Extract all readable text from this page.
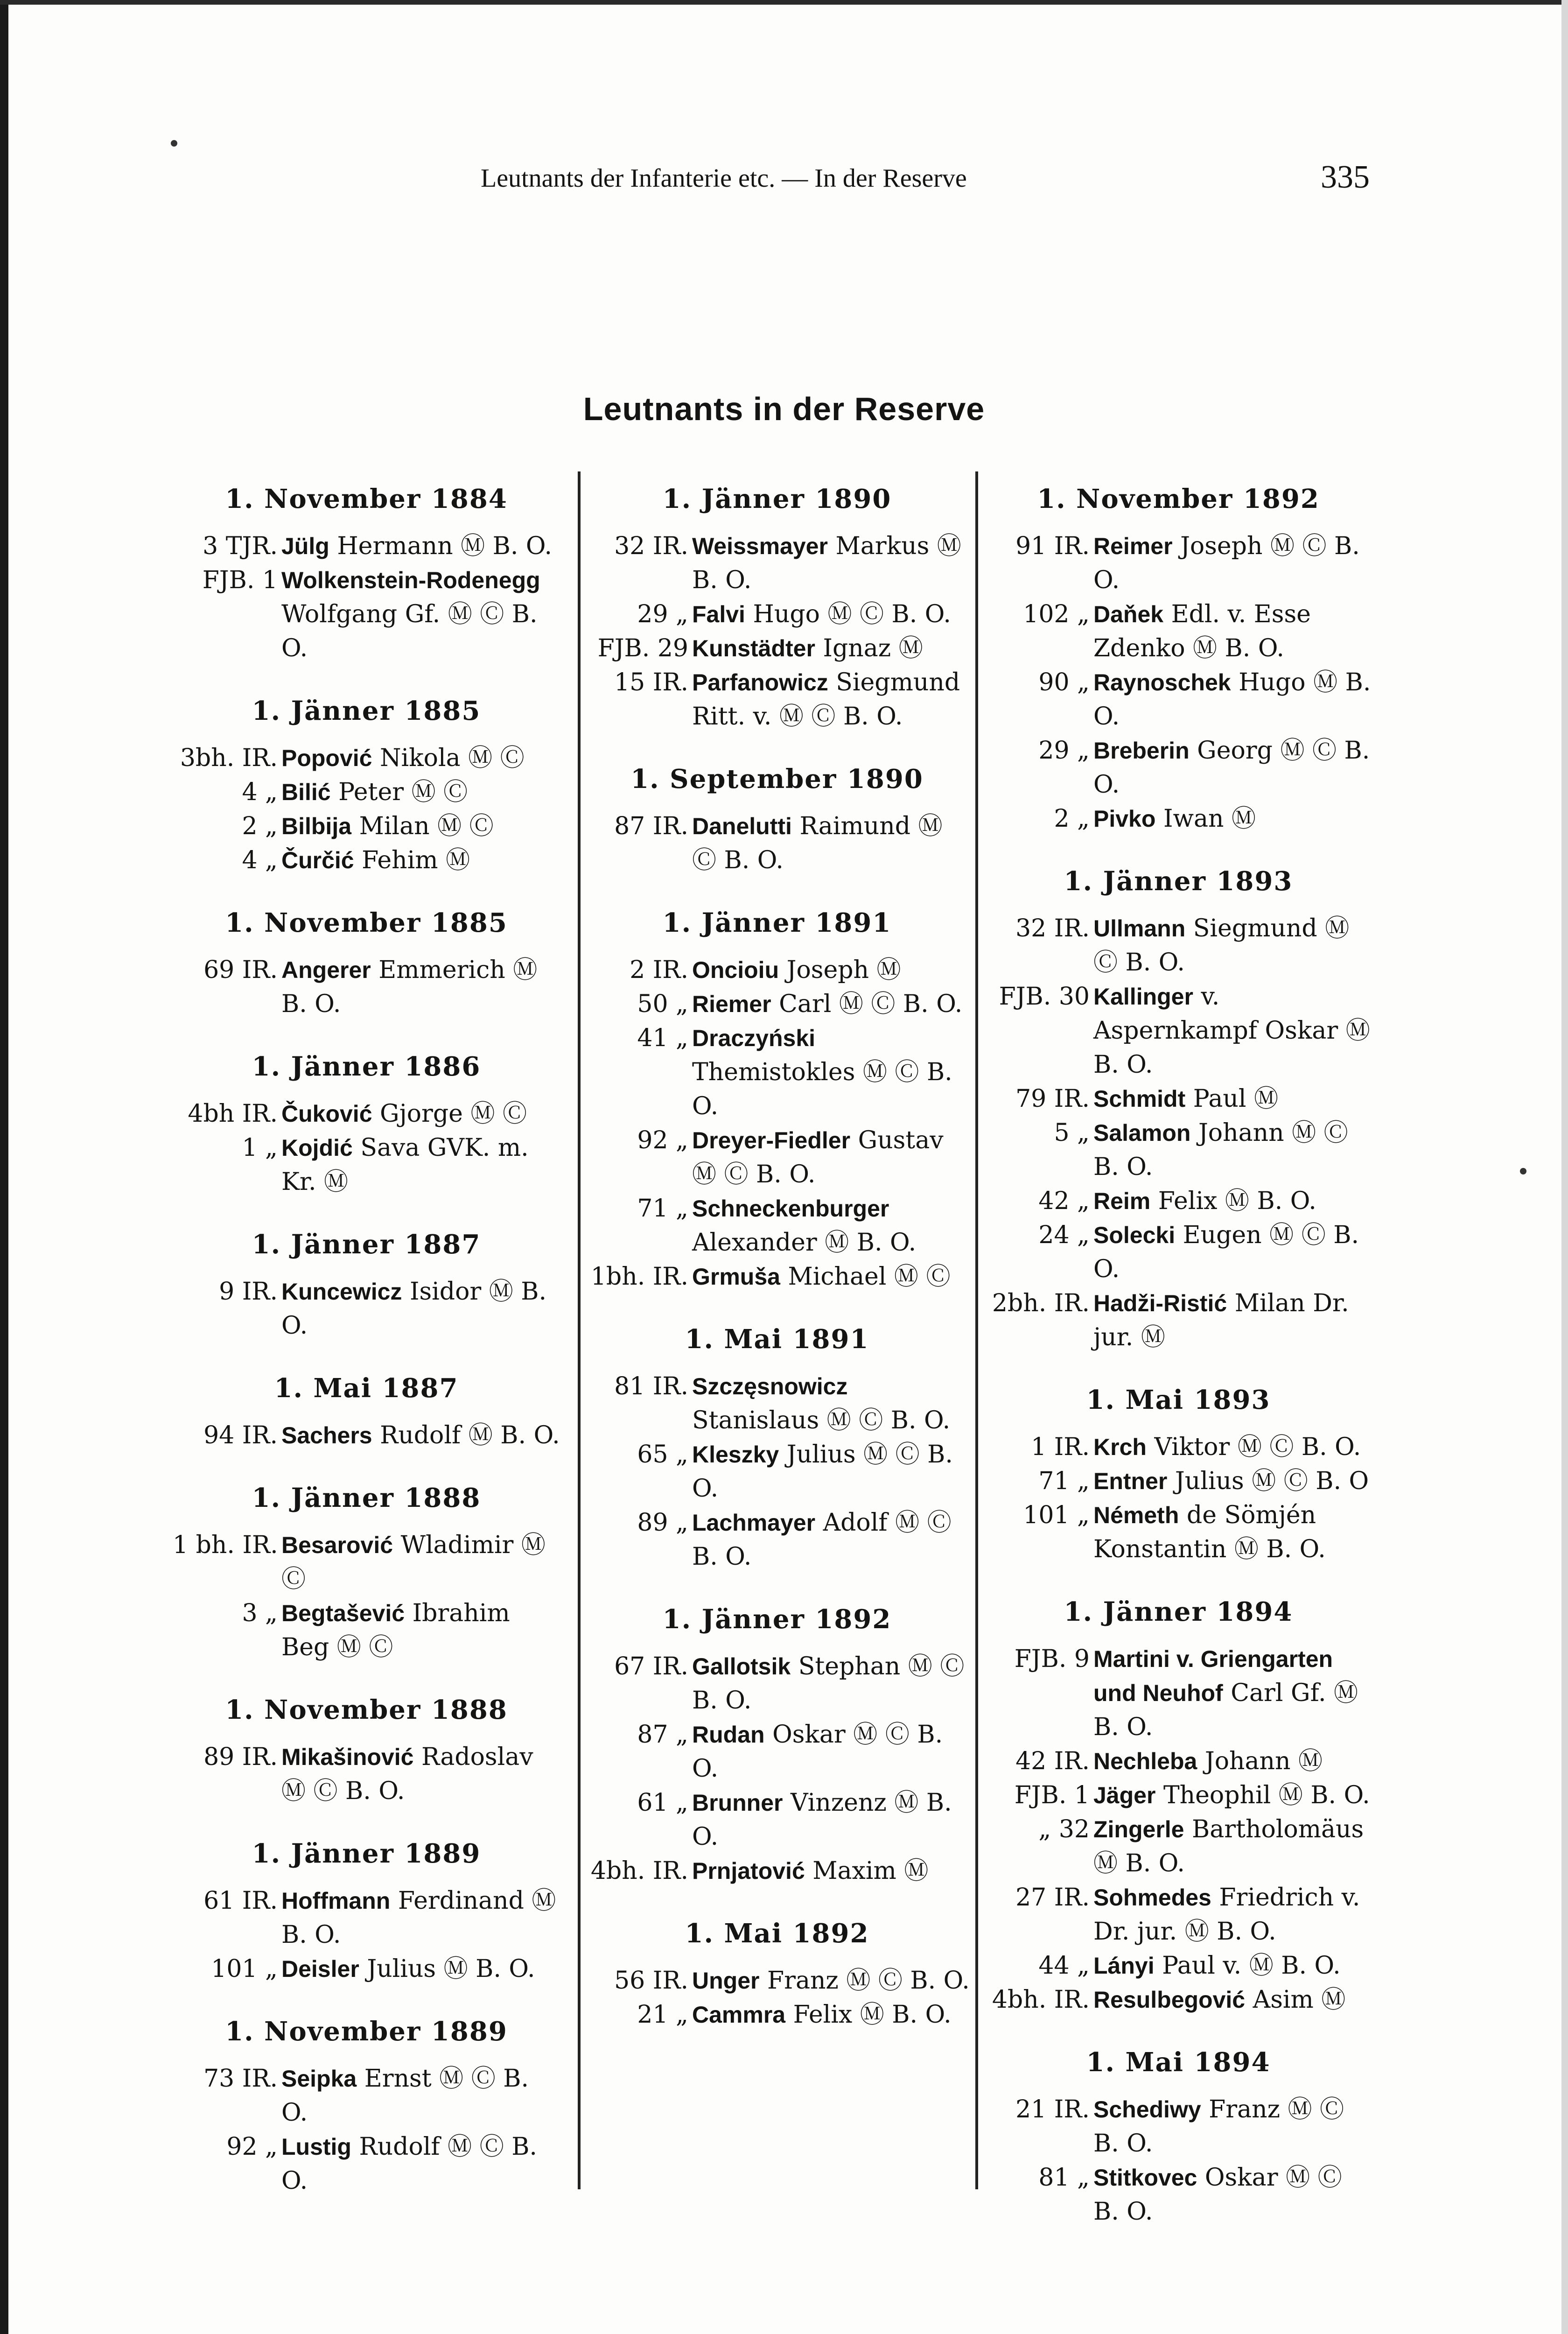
Leutnants der Infanterie etc. — In der Reserve	335
Leutnants in der Reserve
1. November 1884
3 TJR. Jülg Hermann Ⓜ B. O.
FJB. 1 Wolkenstein-Rodenegg Wolfgang Gf. Ⓜ Ⓒ B. O.
1. Jänner 1885
3bh. IR. Popović Nikola Ⓜ Ⓒ
4 „ Bilić Peter Ⓜ Ⓒ
2 „ Bilbija Milan Ⓜ Ⓒ
4 „ Čurčić Fehim Ⓜ
1. November 1885
69 IR. Angerer Emmerich Ⓜ B. O.
1. Jänner 1886
4bh IR. Čuković Gjorge Ⓜ Ⓒ
1 „ Kojdić Sava GVK. m. Kr. Ⓜ
1. Jänner 1887
9 IR. Kuncewicz Isidor Ⓜ B. O.
1. Mai 1887
94 IR. Sachers Rudolf Ⓜ B. O.
1. Jänner 1888
1 bh. IR. Besarović Wladimir Ⓜ Ⓒ
3 „ Begtašević Ibrahim Beg Ⓜ Ⓒ
1. November 1888
89 IR. Mikašinović Radoslav Ⓜ Ⓒ B. O.
1. Jänner 1889
61 IR. Hoffmann Ferdinand Ⓜ B. O.
101 „ Deisler Julius Ⓜ B. O.
1. November 1889
73 IR. Seipka Ernst Ⓜ Ⓒ B. O.
92 „ Lustig Rudolf Ⓜ Ⓒ B. O.
1. Jänner 1890
32 IR. Weissmayer Markus Ⓜ B. O.
29 „ Falvi Hugo Ⓜ Ⓒ B. O.
FJB. 29 Kunstädter Ignaz Ⓜ
15 IR. Parfanowicz Siegmund Ritt. v. Ⓜ Ⓒ B. O.
1. September 1890
87 IR. Danelutti Raimund Ⓜ Ⓒ B. O.
1. Jänner 1891
2 IR. Oncioiu Joseph Ⓜ
50 „ Riemer Carl Ⓜ Ⓒ B. O.
41 „ Draczyński Themistokles Ⓜ Ⓒ B. O.
92 „ Dreyer-Fiedler Gustav Ⓜ Ⓒ B. O.
71 „ Schneckenburger Alexander Ⓜ B. O.
1bh. IR. Grmuša Michael Ⓜ Ⓒ
1. Mai 1891
81 IR. Szczęsnowicz Stanislaus Ⓜ Ⓒ B. O.
65 „ Kleszky Julius Ⓜ Ⓒ B. O.
89 „ Lachmayer Adolf Ⓜ Ⓒ B. O.
1. Jänner 1892
67 IR. Gallotsik Stephan Ⓜ Ⓒ B. O.
87 „ Rudan Oskar Ⓜ Ⓒ B. O.
61 „ Brunner Vinzenz Ⓜ B. O.
4bh. IR. Prnjatović Maxim Ⓜ
1. Mai 1892
56 IR. Unger Franz Ⓜ Ⓒ B. O.
21 „ Cammra Felix Ⓜ B. O.
1. November 1892
91 IR. Reimer Joseph Ⓜ Ⓒ B. O.
102 „ Daňek Edl. v. Esse Zdenko Ⓜ B. O.
90 „ Raynoschek Hugo Ⓜ B. O.
29 „ Breberin Georg Ⓜ Ⓒ B. O.
2 „ Pivko Iwan Ⓜ
1. Jänner 1893
32 IR. Ullmann Siegmund Ⓜ Ⓒ B. O.
FJB. 30 Kallinger v. Aspernkampf Oskar Ⓜ B. O.
79 IR. Schmidt Paul Ⓜ
5 „ Salamon Johann Ⓜ Ⓒ B. O.
42 „ Reim Felix Ⓜ B. O.
24 „ Solecki Eugen Ⓜ Ⓒ B. O.
2bh. IR. Hadži-Ristić Milan Dr. jur. Ⓜ
1. Mai 1893
1 IR. Krch Viktor Ⓜ Ⓒ B. O.
71 „ Entner Julius Ⓜ Ⓒ B. O
101 „ Németh de Sömjén Konstantin Ⓜ B. O.
1. Jänner 1894
FJB. 9 Martini v. Griengarten und Neuhof Carl Gf. Ⓜ B. O.
42 IR. Nechleba Johann Ⓜ
FJB. 1 Jäger Theophil Ⓜ B. O.
„ 32 Zingerle Bartholomäus Ⓜ B. O.
27 IR. Sohmedes Friedrich v. Dr. jur. Ⓜ B. O.
44 „ Lányi Paul v. Ⓜ B. O.
4bh. IR. Resulbegović Asim Ⓜ
1. Mai 1894
21 IR. Schediwy Franz Ⓜ Ⓒ B. O.
81 „ Stitkovec Oskar Ⓜ Ⓒ B. O.
